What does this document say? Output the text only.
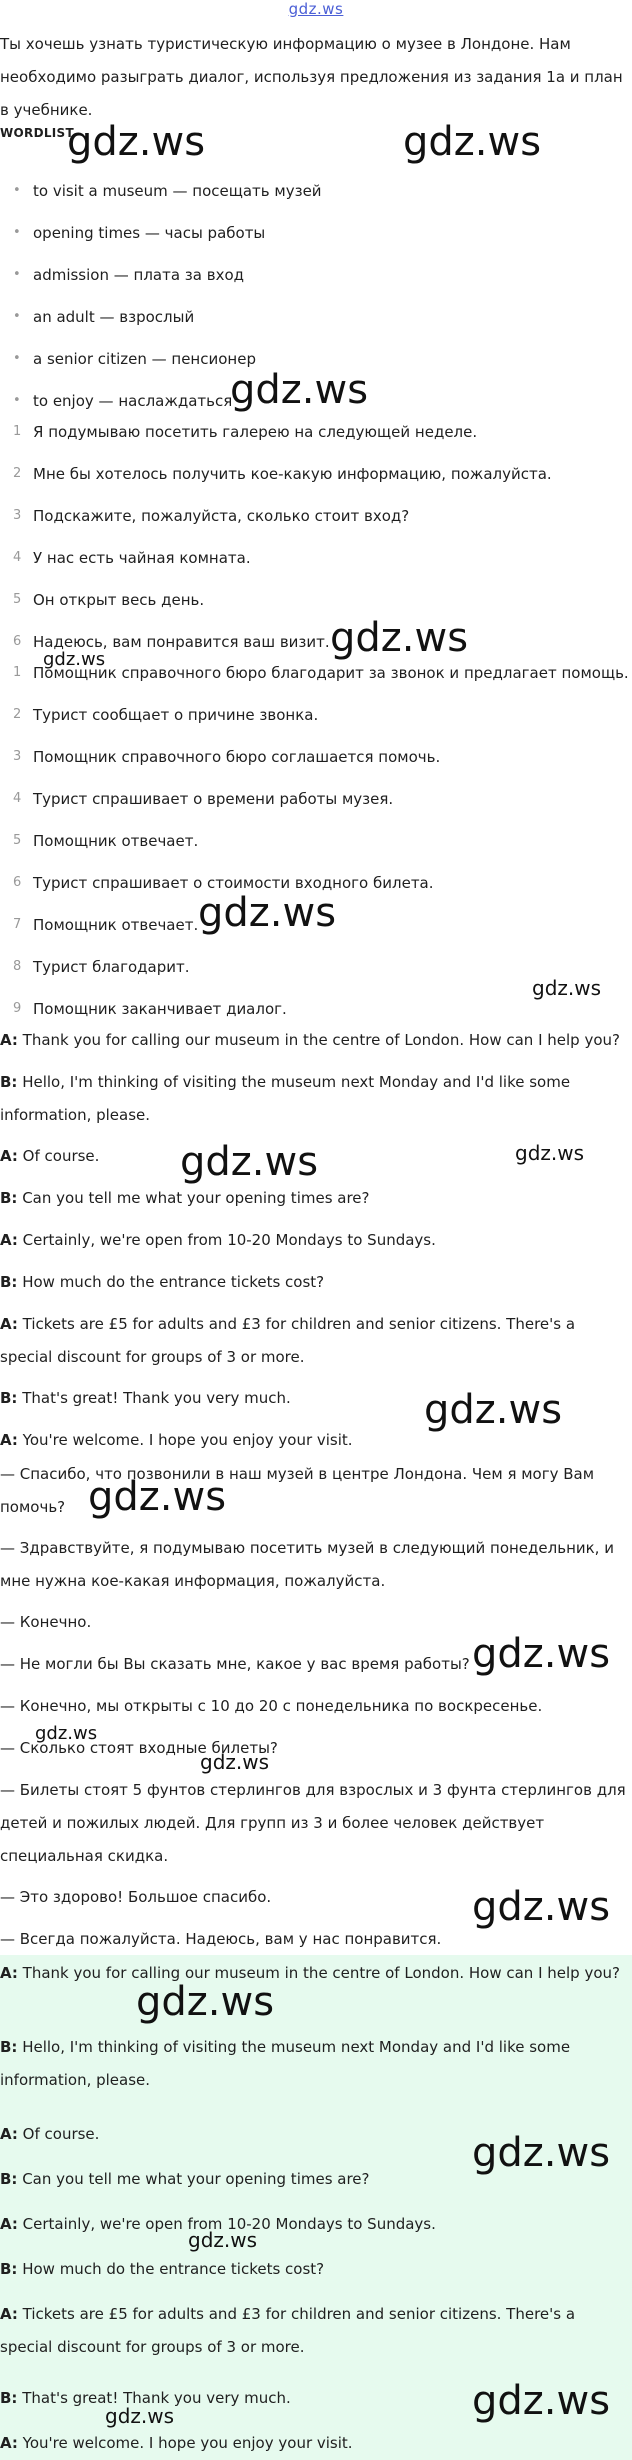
gdz.ws
Ты хочешь узнать туристическую информацию о музее в Лондоне. Нам необходимо разыграть диалог, используя предложения из задания 1а и план в учебнике.
WORDLIST
• to visit a museum — посещать музей
• opening times — часы работы
• admission — плата за вход
• an adult — взрослый
• a senior citizen — пенсионер
• to enjoy — наслаждаться
1 Я подумываю посетить галерею на следующей неделе.
2 Мне бы хотелось получить кое-какую информацию, пожалуйста.
3 Подскажите, пожалуйста, сколько стоит вход?
4 У нас есть чайная комната.
5 Он открыт весь день.
6 Надеюсь, вам понравится ваш визит.
1 Помощник справочного бюро благодарит за звонок и предлагает помощь.
2 Турист сообщает о причине звонка.
3 Помощник справочного бюро соглашается помочь.
4 Турист спрашивает о времени работы музея.
5 Помощник отвечает.
6 Турист спрашивает о стоимости входного билета.
7 Помощник отвечает.
8 Турист благодарит.
9 Помощник заканчивает диалог.
A: Thank you for calling our museum in the centre of London. How can I help you?
B: Hello, I'm thinking of visiting the museum next Monday and I'd like some information, please.
A: Of course.
B: Can you tell me what your opening times are?
A: Certainly, we're open from 10-20 Mondays to Sundays.
B: How much do the entrance tickets cost?
A: Tickets are £5 for adults and £3 for children and senior citizens. There's a special discount for groups of 3 or more.
B: That's great! Thank you very much.
A: You're welcome. I hope you enjoy your visit.
— Спасибо, что позвонили в наш музей в центре Лондона. Чем я могу Вам помочь?
— Здравствуйте, я подумываю посетить музей в следующий понедельник, и мне нужна кое-какая информация, пожалуйста.
— Конечно.
— Не могли бы Вы сказать мне, какое у вас время работы?
— Конечно, мы открыты с 10 до 20 с понедельника по воскресенье.
— Сколько стоят входные билеты?
— Билеты стоят 5 фунтов стерлингов для взрослых и 3 фунта стерлингов для детей и пожилых людей. Для групп из 3 и более человек действует специальная скидка.
— Это здорово! Большое спасибо.
— Всегда пожалуйста. Надеюсь, вам у нас понравится.
A: Thank you for calling our museum in the centre of London. How can I help you?
B: Hello, I'm thinking of visiting the museum next Monday and I'd like some information, please.
A: Of course.
B: Can you tell me what your opening times are?
A: Certainly, we're open from 10-20 Mondays to Sundays.
B: How much do the entrance tickets cost?
A: Tickets are £5 for adults and £3 for children and senior citizens. There's a special discount for groups of 3 or more.
B: That's great! Thank you very much.
A: You're welcome. I hope you enjoy your visit.
gdz.ws	gdz.ws
gdz.ws
gdz.ws
gdz.ws
gdz.ws
gdz.ws
gdz.ws	gdz.ws
gdz.ws
gdz.ws
gdz.ws
gdz.ws
gdz.ws
gdz.ws
gdz.ws
gdz.ws
gdz.ws
gdz.ws
gdz.ws
